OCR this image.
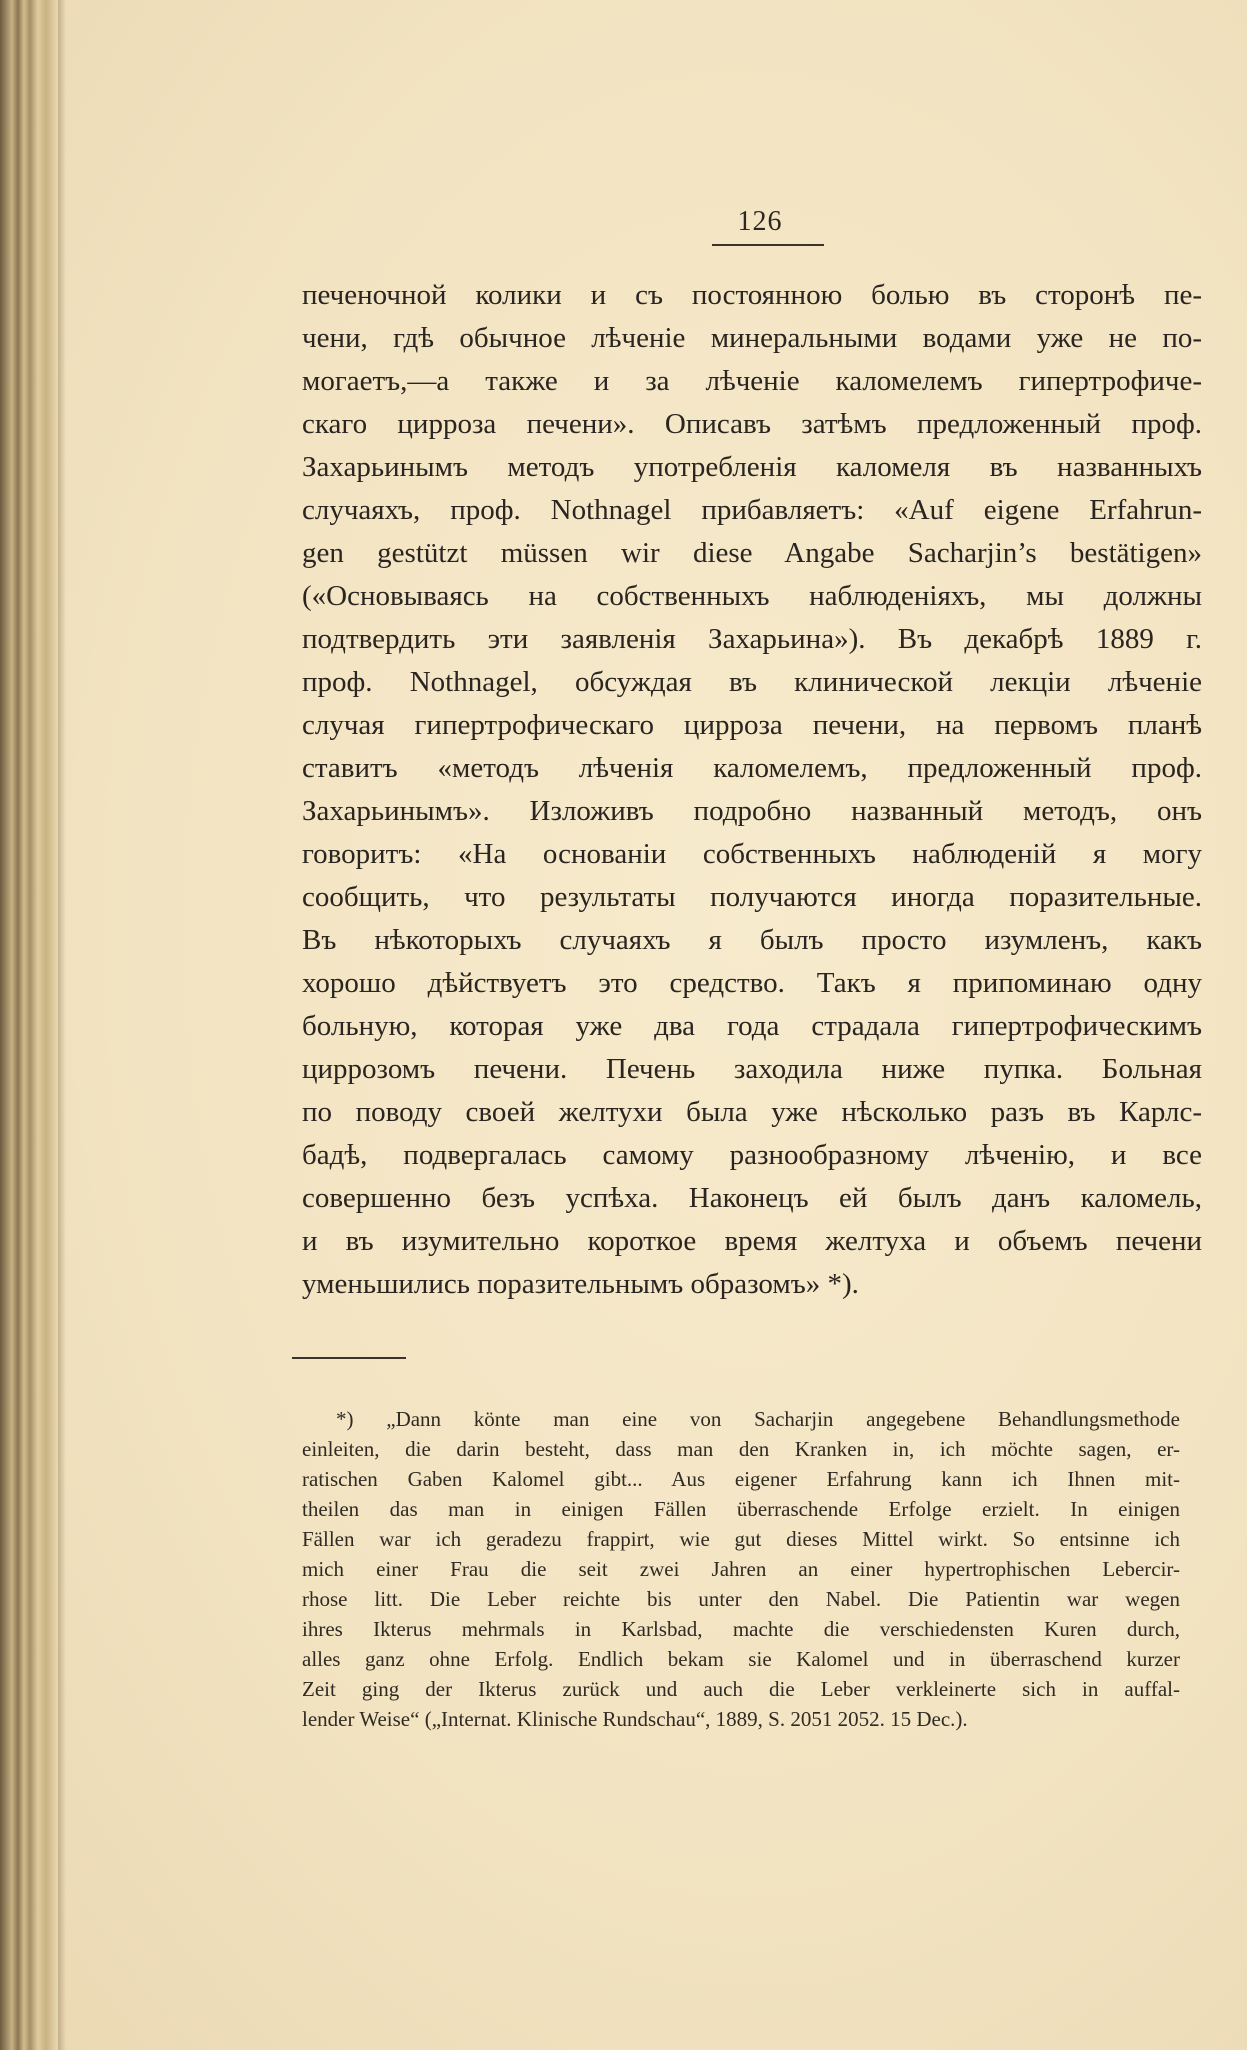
126
печеночной колики и съ постоянною болью въ сторонѣ пе-
чени, гдѣ обычное лѣченіе минеральными водами уже не по-
могаетъ,—а также и за лѣченіе каломелемъ гипертрофиче-
скаго цирроза печени». Описавъ затѣмъ предложенный проф.
Захарьинымъ методъ употребленія каломеля въ названныхъ
случаяхъ, проф. Nothnagel прибавляетъ: «Auf eigene Erfahrun-
gen gestützt müssen wir diese Angabe Sacharjin’s bestätigen»
(«Основываясь на собственныхъ наблюденіяхъ, мы должны
подтвердить эти заявленія Захарьина»). Въ декабрѣ 1889 г.
проф. Nothnagel, обсуждая въ клинической лекціи лѣченіе
случая гипертрофическаго цирроза печени, на первомъ планѣ
ставитъ «методъ лѣченія каломелемъ, предложенный проф.
Захарьинымъ». Изложивъ подробно названный методъ, онъ
говоритъ: «На основаніи собственныхъ наблюденій я могу
сообщить, что результаты получаются иногда поразительные.
Въ нѣкоторыхъ случаяхъ я былъ просто изумленъ, какъ
хорошо дѣйствуетъ это средство. Такъ я припоминаю одну
больную, которая уже два года страдала гипертрофическимъ
циррозомъ печени. Печень заходила ниже пупка. Больная
по поводу своей желтухи была уже нѣсколько разъ въ Карлс-
бадѣ, подвергалась самому разнообразному лѣченію, и все
совершенно безъ успѣха. Наконецъ ей былъ данъ каломель,
и въ изумительно короткое время желтуха и объемъ печени
уменьшились поразительнымъ образомъ» *).
*) „Dann könte man eine von Sacharjin angegebene Behandlungsmethode
einleiten, die darin besteht, dass man den Kranken in, ich möchte sagen, er-
ratischen Gaben Kalomel gibt... Aus eigener Erfahrung kann ich Ihnen mit-
theilen das man in einigen Fällen überraschende Erfolge erzielt. In einigen
Fällen war ich geradezu frappirt, wie gut dieses Mittel wirkt. So entsinne ich
mich einer Frau die seit zwei Jahren an einer hypertrophischen Lebercir-
rhose litt. Die Leber reichte bis unter den Nabel. Die Patientin war wegen
ihres Ikterus mehrmals in Karlsbad, machte die verschiedensten Kuren durch,
alles ganz ohne Erfolg. Endlich bekam sie Kalomel und in überraschend kurzer
Zeit ging der Ikterus zurück und auch die Leber verkleinerte sich in auffal-
lender Weise“ („Internat. Klinische Rundschau“, 1889, S. 2051 2052. 15 Dec.).
